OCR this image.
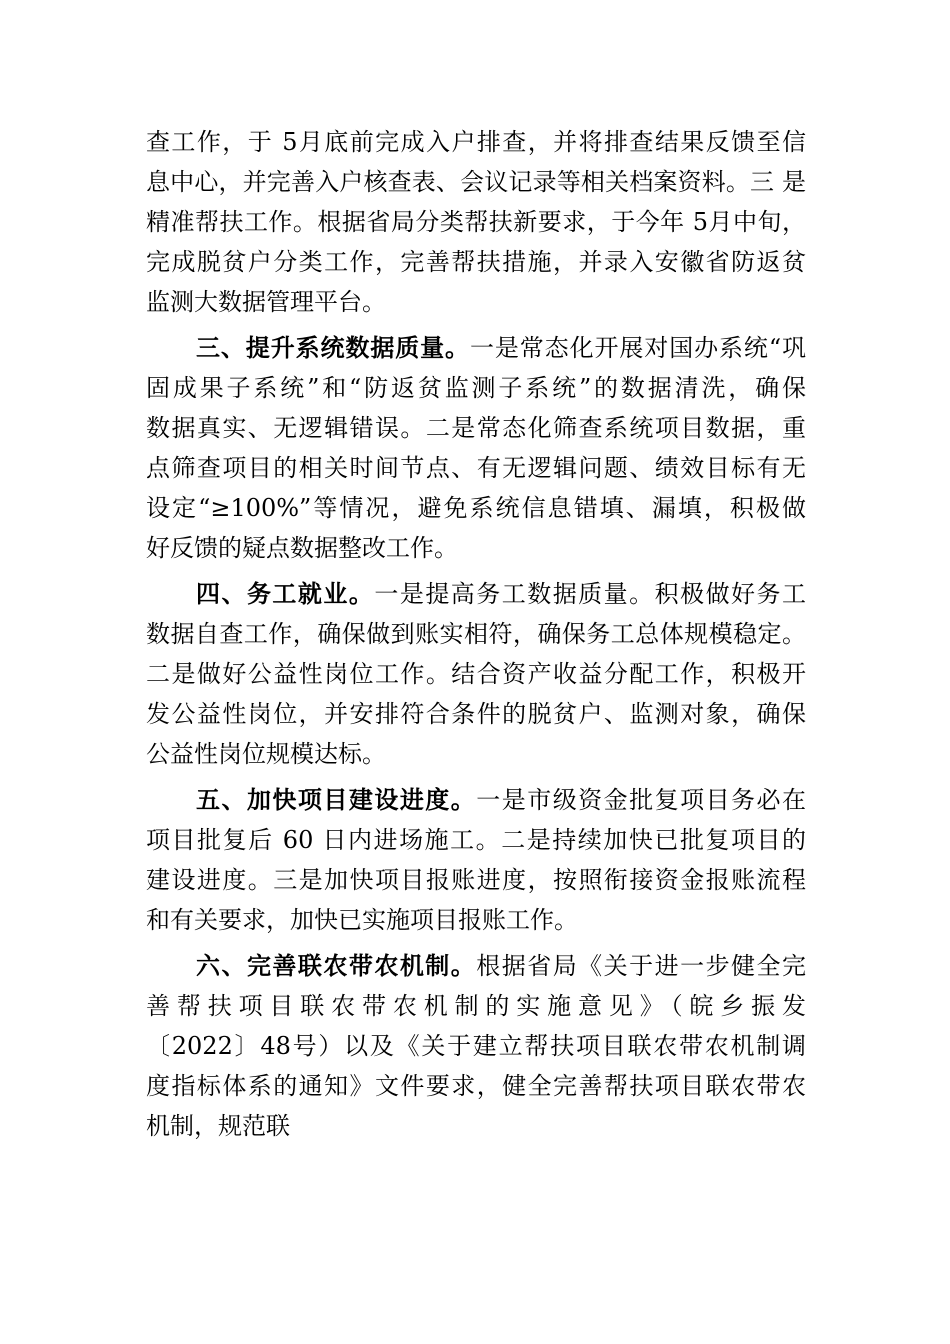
查工作，于 5月底前完成入户排查，并将排查结果反馈至信
息中心，并完善入户核查表、会议记录等相关档案资料。三 是
精准帮扶工作。根据省局分类帮扶新要求，于今年 5月中旬，
完成脱贫户分类工作，完善帮扶措施，并录入安徽省防返贫
监测大数据管理平台。
三、提升系统数据质量。一是常态化开展对国办系统“巩
固成果子系统”和“防返贫监测子系统”的数据清洗，确保
数据真实、无逻辑错误。二是常态化筛查系统项目数据，重
点筛查项目的相关时间节点、有无逻辑问题、绩效目标有无
设定“≥100%”等情况，避免系统信息错填、漏填，积极做
好反馈的疑点数据整改工作。
四、务工就业。一是提高务工数据质量。积极做好务工
数据自查工作，确保做到账实相符，确保务工总体规模稳定。
二是做好公益性岗位工作。结合资产收益分配工作，积极开
发公益性岗位，并安排符合条件的脱贫户、监测对象，确保
公益性岗位规模达标。
五、加快项目建设进度。一是市级资金批复项目务必在
项目批复后 60 日内进场施工。二是持续加快已批复项目的
建设进度。三是加快项目报账进度，按照衔接资金报账流程
和有关要求，加快已实施项目报账工作。
六、完善联农带农机制。根据省局《关于进一步健全完
善帮扶项目联农带农机制的实施意见》（皖乡振发
〔2022〕48号）以及《关于建立帮扶项目联农带农机制调
度指标体系的通知》文件要求，健全完善帮扶项目联农带农
机制，规范联
